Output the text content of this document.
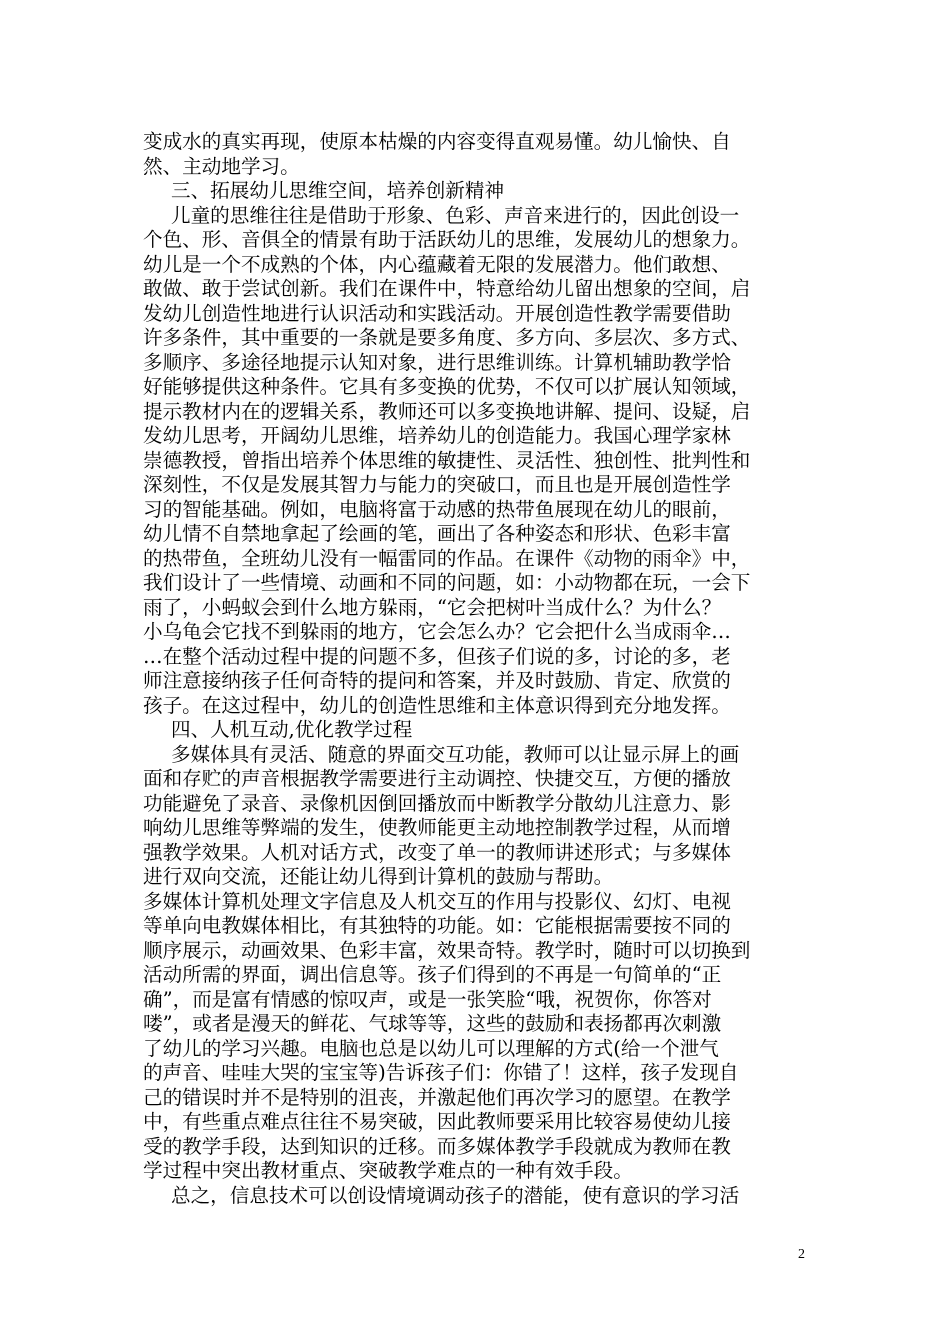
变成水的真实再现，使原本枯燥的内容变得直观易懂。幼儿愉快、自
然、主动地学习。
三、拓展幼儿思维空间，培养创新精神
儿童的思维往往是借助于形象、色彩、声音来进行的，因此创设一
个色、形、音俱全的情景有助于活跃幼儿的思维，发展幼儿的想象力。
幼儿是一个不成熟的个体，内心蕴藏着无限的发展潜力。他们敢想、
敢做、敢于尝试创新。我们在课件中，特意给幼儿留出想象的空间，启
发幼儿创造性地进行认识活动和实践活动。开展创造性教学需要借助
许多条件，其中重要的一条就是要多角度、多方向、多层次、多方式、
多顺序、多途径地提示认知对象，进行思维训练。计算机辅助教学恰
好能够提供这种条件。它具有多变换的优势，不仅可以扩展认知领域，
提示教材内在的逻辑关系，教师还可以多变换地讲解、提问、设疑，启
发幼儿思考，开阔幼儿思维，培养幼儿的创造能力。我国心理学家林
崇德教授，曾指出培养个体思维的敏捷性、灵活性、独创性、批判性和
深刻性，不仅是发展其智力与能力的突破口，而且也是开展创造性学
习的智能基础。例如，电脑将富于动感的热带鱼展现在幼儿的眼前，
幼儿情不自禁地拿起了绘画的笔，画出了各种姿态和形状、色彩丰富
的热带鱼，全班幼儿没有一幅雷同的作品。在课件《动物的雨伞》中，
我们设计了一些情境、动画和不同的问题，如：小动物都在玩，一会下
雨了，小蚂蚁会到什么地方躲雨，“它会把树叶当成什么？为什么？
小乌龟会它找不到躲雨的地方，它会怎么办？它会把什么当成雨伞…
…在整个活动过程中提的问题不多，但孩子们说的多，讨论的多，老
师注意接纳孩子任何奇特的提问和答案，并及时鼓励、肯定、欣赏的
孩子。在这过程中，幼儿的创造性思维和主体意识得到充分地发挥。
四、人机互动,优化教学过程
多媒体具有灵活、随意的界面交互功能，教师可以让显示屏上的画
面和存贮的声音根据教学需要进行主动调控、快捷交互，方便的播放
功能避免了录音、录像机因倒回播放而中断教学分散幼儿注意力、影
响幼儿思维等弊端的发生，使教师能更主动地控制教学过程，从而增
强教学效果。人机对话方式，改变了单一的教师讲述形式；与多媒体
进行双向交流，还能让幼儿得到计算机的鼓励与帮助。
多媒体计算机处理文字信息及人机交互的作用与投影仪、幻灯、电视
等单向电教媒体相比，有其独特的功能。如：它能根据需要按不同的
顺序展示，动画效果、色彩丰富，效果奇特。教学时，随时可以切换到
活动所需的界面，调出信息等。孩子们得到的不再是一句简单的“正
确”，而是富有情感的惊叹声，或是一张笑脸“哦，祝贺你，你答对
喽”，或者是漫天的鲜花、气球等等，这些的鼓励和表扬都再次刺激
了幼儿的学习兴趣。电脑也总是以幼儿可以理解的方式(给一个泄气
的声音、哇哇大哭的宝宝等)告诉孩子们：你错了！这样，孩子发现自
己的错误时并不是特别的沮丧，并激起他们再次学习的愿望。在教学
中，有些重点难点往往不易突破，因此教师要采用比较容易使幼儿接
受的教学手段，达到知识的迁移。而多媒体教学手段就成为教师在教
学过程中突出教材重点、突破教学难点的一种有效手段。
总之，信息技术可以创设情境调动孩子的潜能，使有意识的学习活
2
